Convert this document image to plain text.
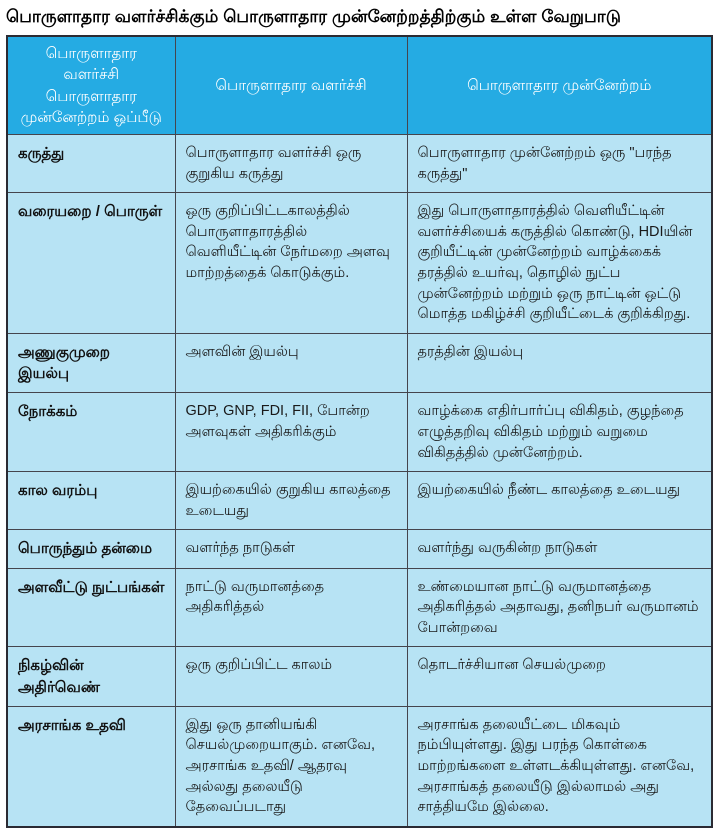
பொருளாதார வளர்ச்சிக்கும் பொருளாதார முன்னேற்றத்திற்கும் உள்ள வேறுபாடு
பொருளாதார வளர்ச்சி பொருளாதார முன்னேற்றம் ஒப்பீடு	பொருளாதார வளர்ச்சி	பொருளாதார முன்னேற்றம்
கருத்து	பொருளாதார வளர்ச்சி ஒரு குறுகிய கருத்து	பொருளாதார முன்னேற்றம் ஒரு "பரந்த கருத்து"
வரையறை / பொருள்	ஒரு குறிப்பிட்டகாலத்தில் பொருளாதாரத்தில் வெளியீட்டின் நேர்மறை அளவு மாற்றத்தைக் கொடுக்கும்.	இது பொருளாதாரத்தில் வெளியீட்டின் வளர்ச்சியைக் கருத்தில் கொண்டு, HDIயின் குறியீட்டின் முன்னேற்றம் வாழ்க்கைக் தரத்தில் உயர்வு, தொழில் நுட்ப முன்னேற்றம் மற்றும் ஒரு நாட்டின் ஒட்டு மொத்த மகிழ்ச்சி குறியீட்டைக் குறிக்கிறது.
அணுகுமுறை இயல்பு	அளவின் இயல்பு	தரத்தின் இயல்பு
நோக்கம்	GDP, GNP, FDI, FII, போன்ற அளவுகள் அதிகரிக்கும்	வாழ்க்கை எதிர்பார்ப்பு விகிதம், குழந்தை எழுத்தறிவு விகிதம் மற்றும் வறுமை விகிதத்தில் முன்னேற்றம்.
கால வரம்பு	இயற்கையில் குறுகிய காலத்தை உடையது	இயற்கையில் நீண்ட காலத்தை உடையது
பொருந்தும் தன்மை	வளர்ந்த நாடுகள்	வளர்ந்து வருகின்ற நாடுகள்
அளவீட்டு நுட்பங்கள்	நாட்டு வருமானத்தை அதிகரித்தல்	உண்மையான நாட்டு வருமானத்தை அதிகரித்தல் அதாவது, தனிநபர் வருமானம் போன்றவை
நிகழ்வின் அதிர்வெண்	ஒரு குறிப்பிட்ட காலம்	தொடர்ச்சியான செயல்முறை
அரசாங்க உதவி	இது ஒரு தானியங்கி செயல்முறையாகும். எனவே, அரசாங்க உதவி/ ஆதரவு அல்லது தலையீடு தேவைப்படாது	அரசாங்க தலையீட்டை மிகவும் நம்பியுள்ளது. இது பரந்த கொள்கை மாற்றங்களை உள்ளடக்கியுள்ளது. எனவே, அரசாங்கத் தலையீடு இல்லாமல் அது சாத்தியமே இல்லை.
